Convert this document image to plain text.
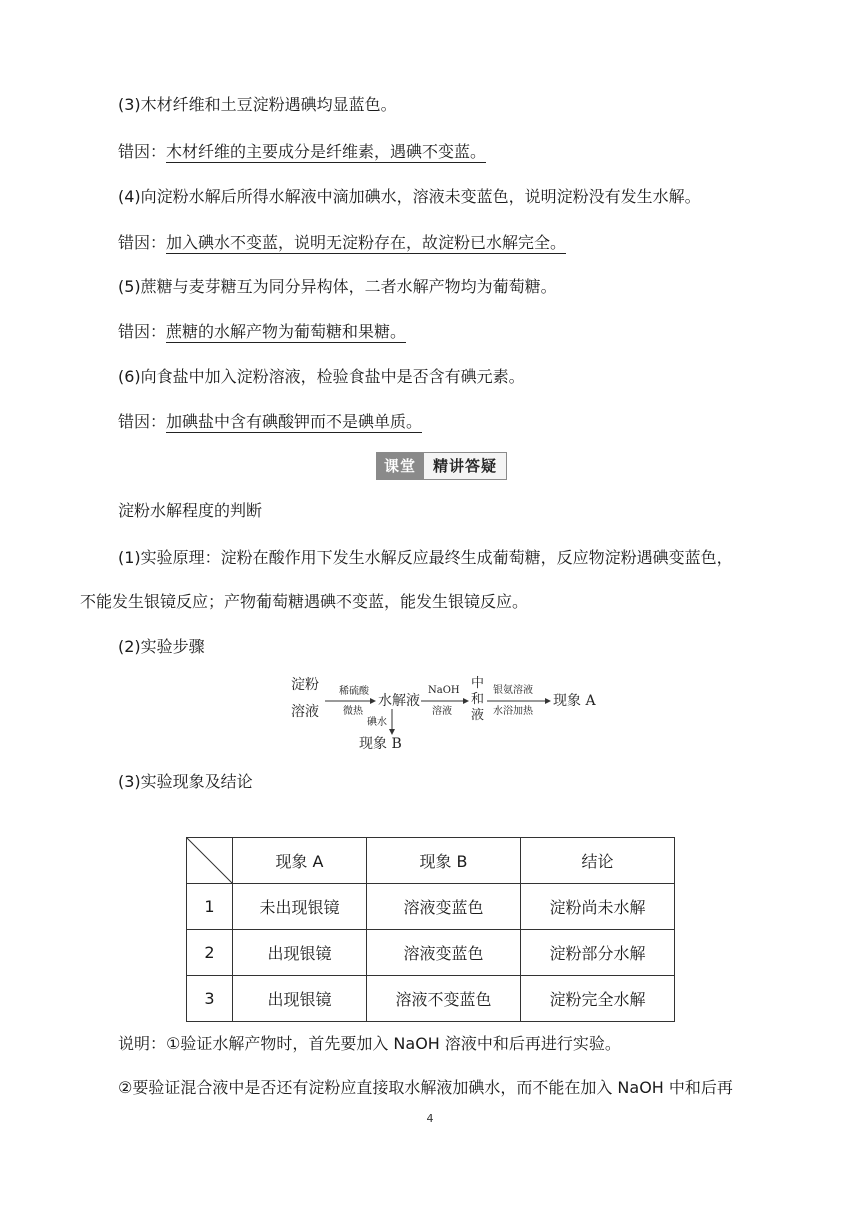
(3)木材纤维和土豆淀粉遇碘均显蓝色。
错因：木材纤维的主要成分是纤维素，遇碘不变蓝。
(4)向淀粉水解后所得水解液中滴加碘水，溶液未变蓝色，说明淀粉没有发生水解。
错因：加入碘水不变蓝，说明无淀粉存在，故淀粉已水解完全。
(5)蔗糖与麦芽糖互为同分异构体，二者水解产物均为葡萄糖。
错因：蔗糖的水解产物为葡萄糖和果糖。
(6)向食盐中加入淀粉溶液，检验食盐中是否含有碘元素。
错因：加碘盐中含有碘酸钾而不是碘单质。
课堂	精讲答疑
淀粉水解程度的判断
(1)实验原理：淀粉在酸作用下发生水解反应最终生成葡萄糖，反应物淀粉遇碘变蓝色，
不能发生银镜反应；产物葡萄糖遇碘不变蓝，能发生银镜反应。
(2)实验步骤
淀粉
溶液
稀硫酸
微热
水解液
NaOH
溶液
中
和
液
银氨溶液
水浴加热
现象 A
碘水
现象 B
(3)实验现象及结论
	现象 A	现象 B	结论
1	未出现银镜	溶液变蓝色	淀粉尚未水解
2	出现银镜	溶液变蓝色	淀粉部分水解
3	出现银镜	溶液不变蓝色	淀粉完全水解
说明：①验证水解产物时，首先要加入 NaOH 溶液中和后再进行实验。
②要验证混合液中是否还有淀粉应直接取水解液加碘水，而不能在加入 NaOH 中和后再
4
